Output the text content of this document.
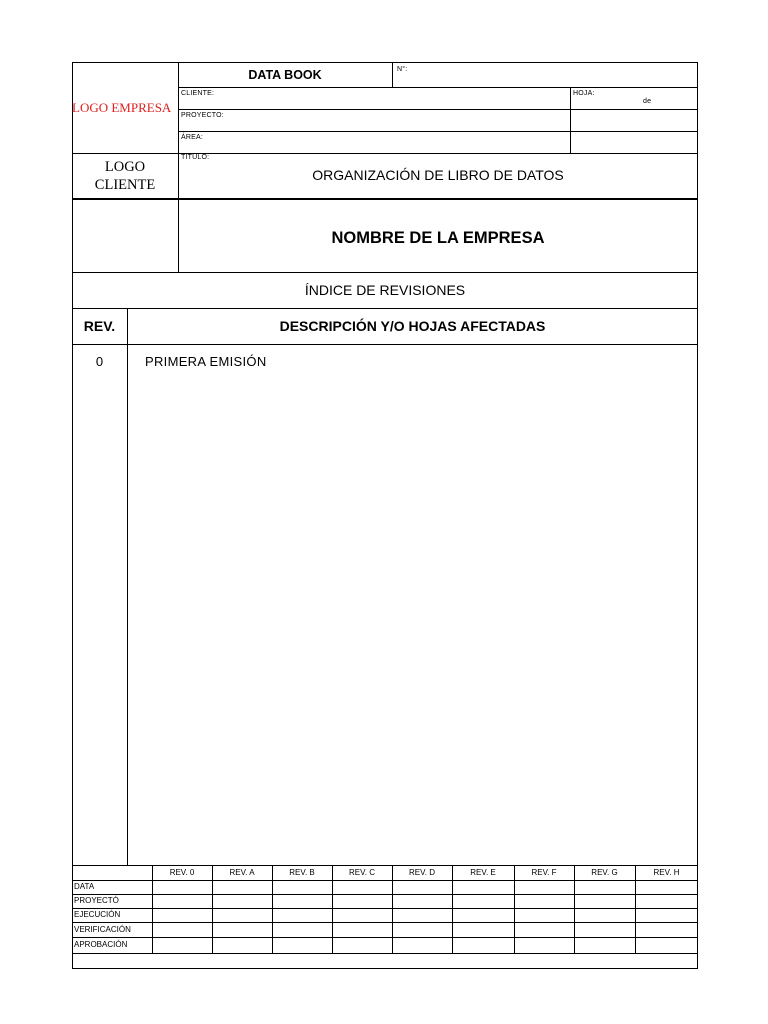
DATA BOOK	N°:
LOGO EMPRESA
CLIENTE:	HOJA:
de
PROYECTO:
ÁREA:
TITULO:
LOGO
CLIENTE
ORGANIZACIÓN DE LIBRO DE DATOS
NOMBRE DE LA EMPRESA
ÍNDICE DE REVISIONES
REV.	DESCRIPCIÓN Y/O HOJAS AFECTADAS
0	PRIMERA EMISIÓN
REV. 0	REV. A	REV. B	REV. C	REV. D	REV. E	REV. F	REV. G	REV. H
DATA
PROYECTÓ
EJECUCIÓN
VERIFICACIÓN
APROBACIÓN
